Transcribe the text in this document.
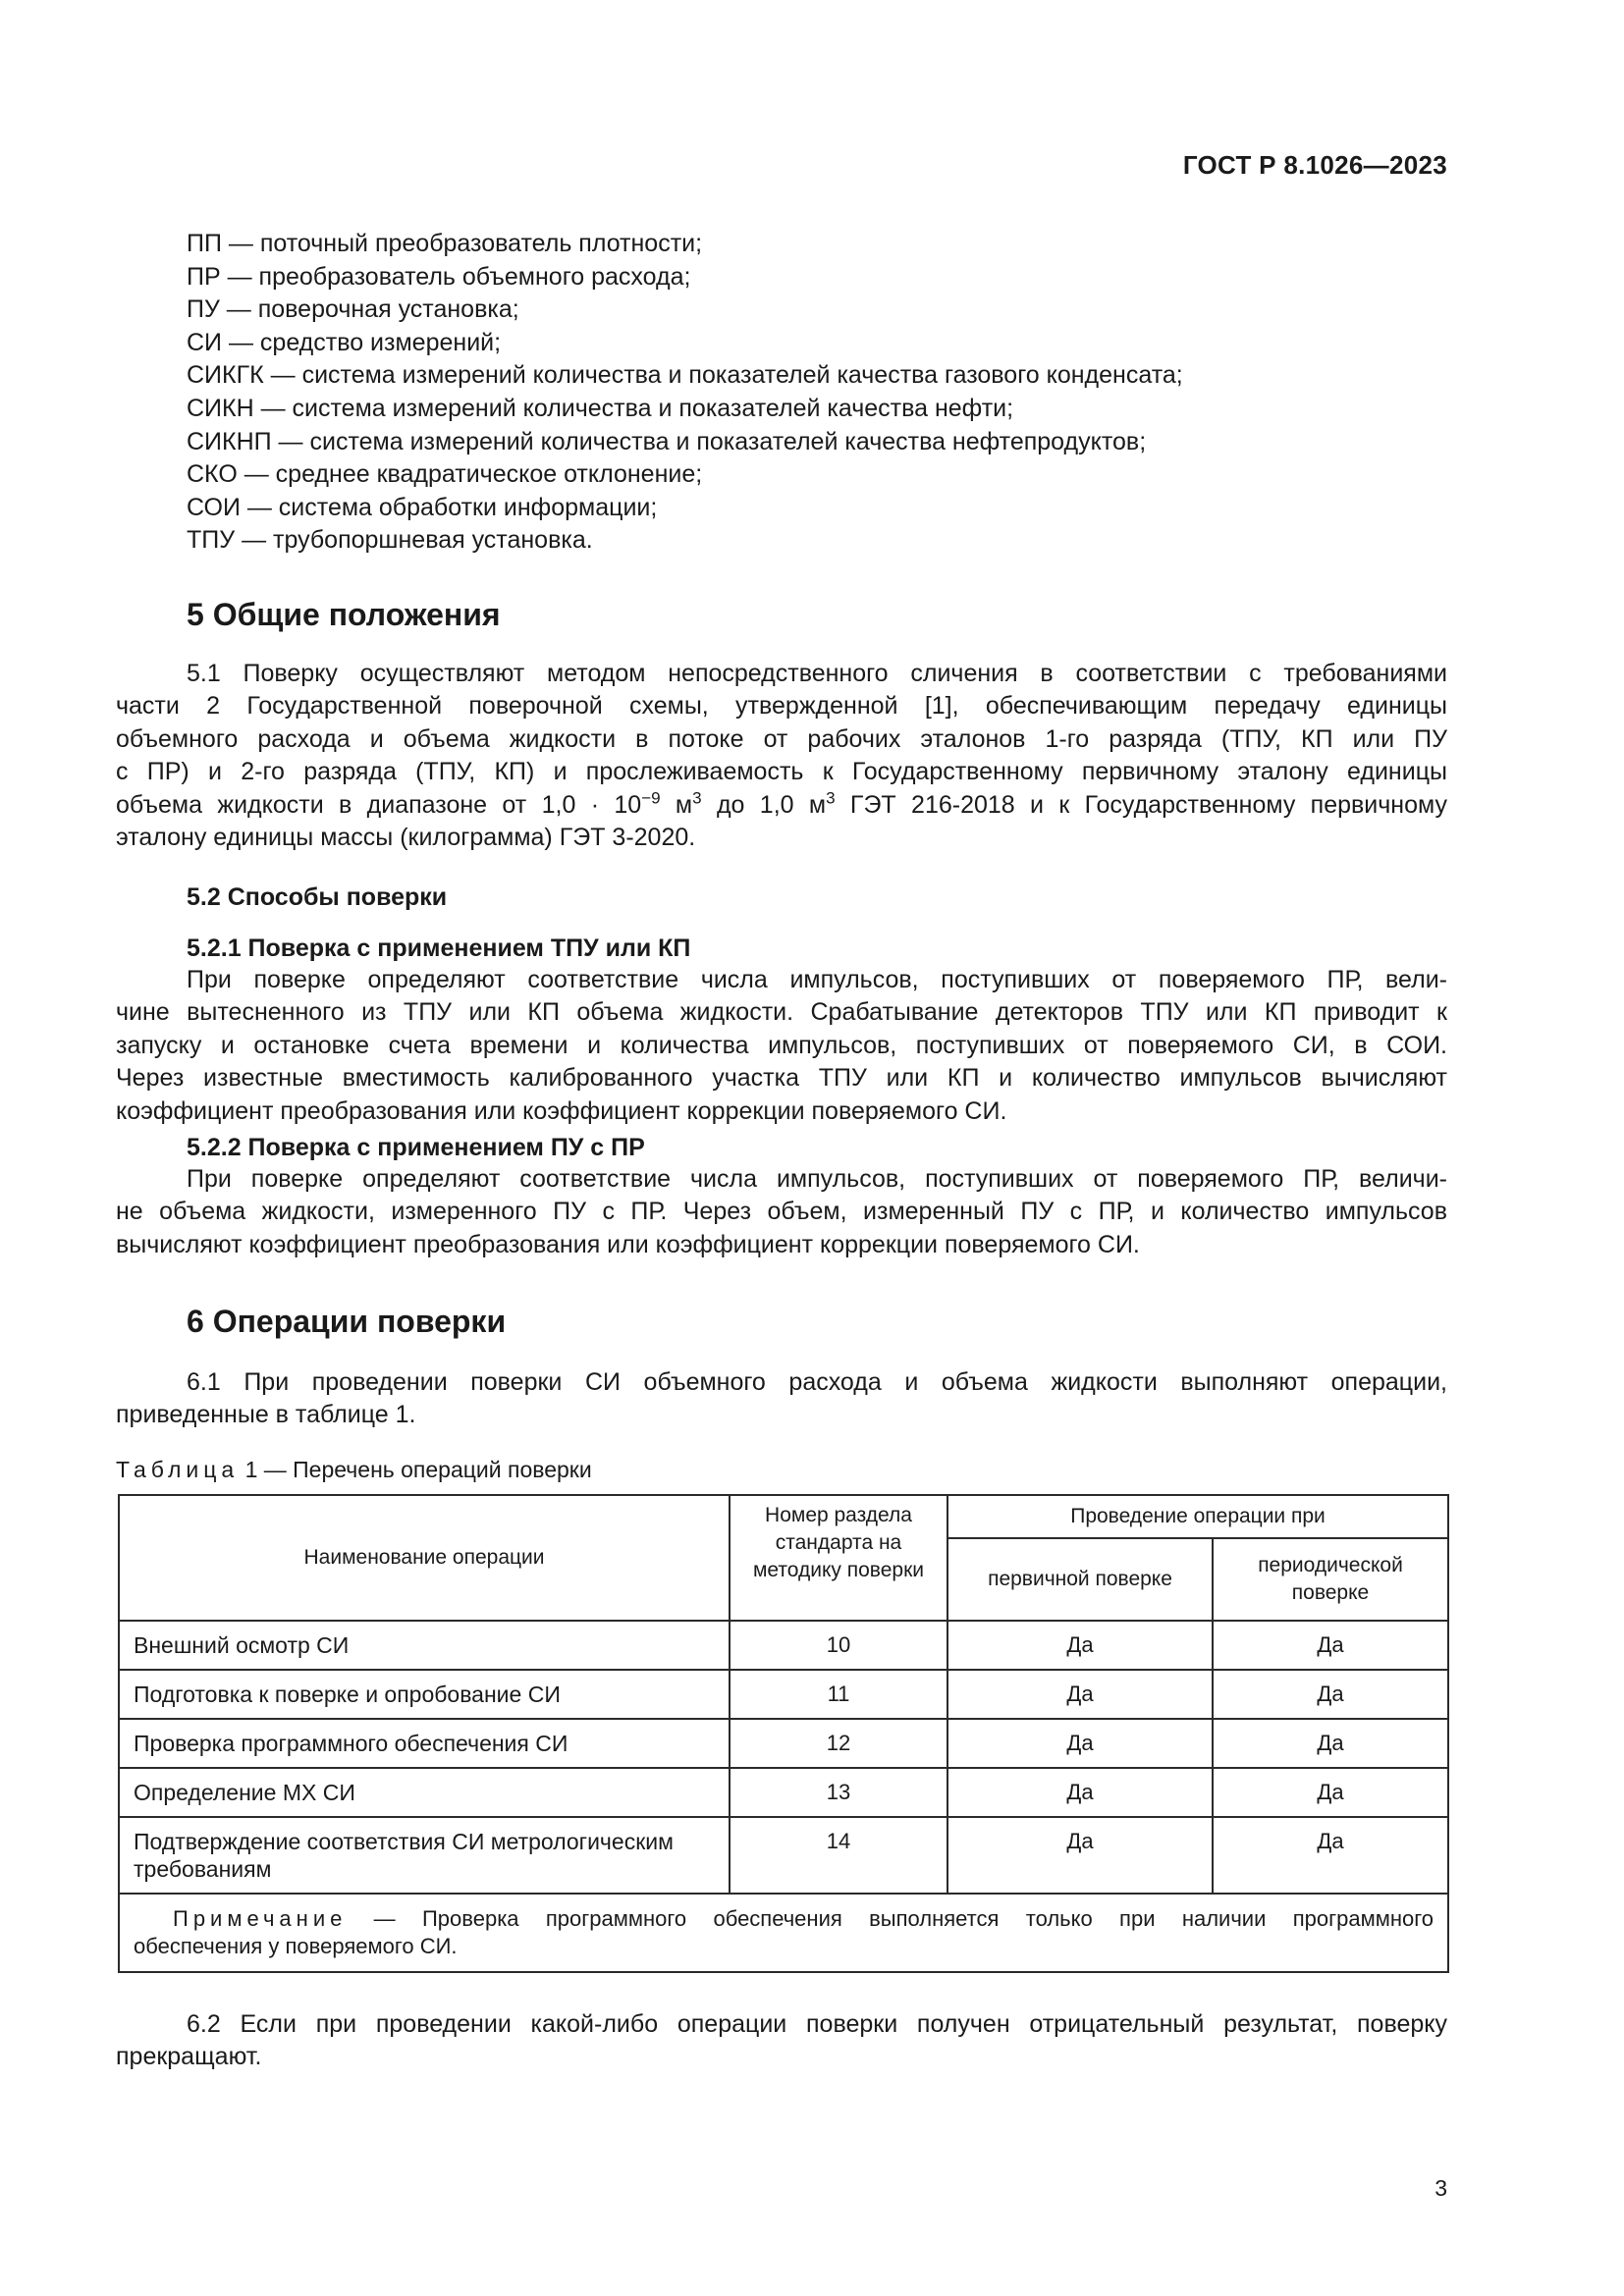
ГОСТ Р 8.1026—2023
ПП — поточный преобразователь плотности;
ПР — преобразователь объемного расхода;
ПУ — поверочная установка;
СИ — средство измерений;
СИКГК — система измерений количества и показателей качества газового конденсата;
СИКН — система измерений количества и показателей качества нефти;
СИКНП — система измерений количества и показателей качества нефтепродуктов;
СКО — среднее квадратическое отклонение;
СОИ — система обработки информации;
ТПУ — трубопоршневая установка.
5 Общие положения
5.1 Поверку осуществляют методом непосредственного сличения в соответствии с требованиями
части 2 Государственной поверочной схемы, утвержденной [1], обеспечивающим передачу единицы
объемного расхода и объема жидкости в потоке от рабочих эталонов 1-го разряда (ТПУ, КП или ПУ
с ПР) и 2-го разряда (ТПУ, КП) и прослеживаемость к Государственному первичному эталону единицы
объема жидкости в диапазоне от $1,0 \cdot 10^{-9}$ $м^3$ до 1,0 $м^3$ ГЭТ 216-2018 и к Государственному первичному
эталону единицы массы (килограмма) ГЭТ 3-2020.
5.2 Способы поверки
5.2.1 Поверка с применением ТПУ или КП
При поверке определяют соответствие числа импульсов, поступивших от поверяемого ПР, вели-
чине вытесненного из ТПУ или КП объема жидкости. Срабатывание детекторов ТПУ или КП приводит к
запуску и остановке счета времени и количества импульсов, поступивших от поверяемого СИ, в СОИ.
Через известные вместимость калиброванного участка ТПУ или КП и количество импульсов вычисляют
коэффициент преобразования или коэффициент коррекции поверяемого СИ.
5.2.2 Поверка с применением ПУ с ПР
При поверке определяют соответствие числа импульсов, поступивших от поверяемого ПР, величи-
не объема жидкости, измеренного ПУ с ПР. Через объем, измеренный ПУ с ПР, и количество импульсов
вычисляют коэффициент преобразования или коэффициент коррекции поверяемого СИ.
6 Операции поверки
6.1 При проведении поверки СИ объемного расхода и объема жидкости выполняют операции,
приведенные в таблице 1.
Таблица 1 — Перечень операций поверки
Наименование операции	Номер раздела стандарта на методику поверки	Проведение операции при	
		первичной поверке	периодической поверке
Внешний осмотр СИ	10	Да	Да
Подготовка к поверке и опробование СИ	11	Да	Да
Проверка программного обеспечения СИ	12	Да	Да
Определение МХ СИ	13	Да	Да
Подтверждение соответствия СИ метрологическим требованиям	14	Да	Да

Примечание — Проверка программного обеспечения выполняется только при наличии программного
обеспечения у поверяемого СИ.			
6.2 Если при проведении какой-либо операции поверки получен отрицательный результат, поверку
прекращают.
3
